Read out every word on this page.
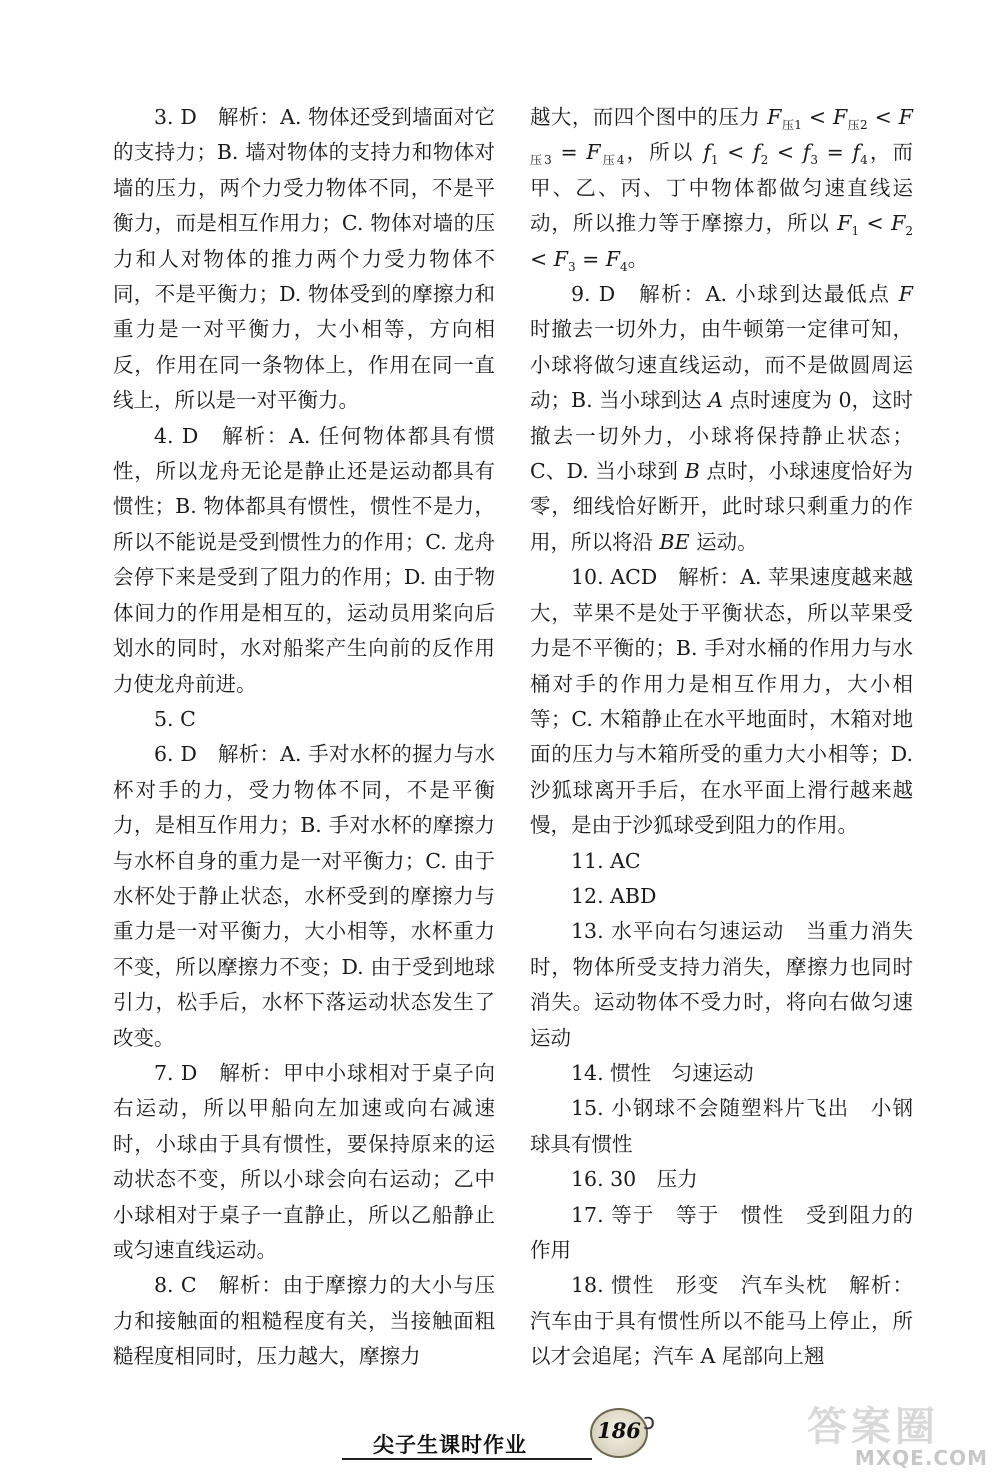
3. D　解析：A. 物体还受到墙面对它的支持力；B. 墙对物体的支持力和物体对墙的压力，两个力受力物体不同，不是平衡力，而是相互作用力；C. 物体对墙的压力和人对物体的推力两个力受力物体不同，不是平衡力；D. 物体受到的摩擦力和重力是一对平衡力，大小相等，方向相反，作用在同一条物体上，作用在同一直线上，所以是一对平衡力。

4. D　解析：A. 任何物体都具有惯性，所以龙舟无论是静止还是运动都具有惯性；B. 物体都具有惯性，惯性不是力，所以不能说是受到惯性力的作用；C. 龙舟会停下来是受到了阻力的作用；D. 由于物体间力的作用是相互的，运动员用桨向后划水的同时，水对船桨产生向前的反作用力使龙舟前进。

5. C

6. D　解析：A. 手对水杯的握力与水杯对手的力，受力物体不同，不是平衡力，是相互作用力；B. 手对水杯的摩擦力与水杯自身的重力是一对平衡力；C. 由于水杯处于静止状态，水杯受到的摩擦力与重力是一对平衡力，大小相等，水杯重力不变，所以摩擦力不变；D. 由于受到地球引力，松手后，水杯下落运动状态发生了改变。

7. D　解析：甲中小球相对于桌子向右运动，所以甲船向左加速或向右减速时，小球由于具有惯性，要保持原来的运动状态不变，所以小球会向右运动；乙中小球相对于桌子一直静止，所以乙船静止或匀速直线运动。

8. C　解析：由于摩擦力的大小与压力和接触面的粗糙程度有关，当接触面粗糙程度相同时，压力越大，摩擦力

越大，而四个图中的压力 $F_{压1} < F_{压2} < F_{压3} = F_{压4}$，所以 $f_1 < f_2 < f_3 = f_4$，而甲、乙、丙、丁中物体都做匀速直线运动，所以推力等于摩擦力，所以 $F_1 < F_2 < F_3 = F_4$。

9. D　解析：A. 小球到达最低点 F 时撤去一切外力，由牛顿第一定律可知，小球将做匀速直线运动，而不是做圆周运动；B. 当小球到达 A 点时速度为 0，这时撤去一切外力，小球将保持静止状态；C、D. 当小球到 B 点时，小球速度恰好为零，细线恰好断开，此时球只剩重力的作用，所以将沿 BE 运动。

10. ACD　解析：A. 苹果速度越来越大，苹果不是处于平衡状态，所以苹果受力是不平衡的；B. 手对水桶的作用力与水桶对手的作用力是相互作用力，大小相等；C. 木箱静止在水平地面时，木箱对地面的压力与木箱所受的重力大小相等；D. 沙狐球离开手后，在水平面上滑行越来越慢，是由于沙狐球受到阻力的作用。

11. AC

12. ABD

13. 水平向右匀速运动　当重力消失时，物体所受支持力消失，摩擦力也同时消失。运动物体不受力时，将向右做匀速运动

14. 惯性　匀速运动

15. 小钢球不会随塑料片飞出　小钢球具有惯性

16. 30　压力

17. 等于　等于　惯性　受到阻力的作用

18. 惯性　形变　汽车头枕　解析：汽车由于具有惯性所以不能马上停止，所以才会追尾；汽车 A 尾部向上翘

尖子生课时作业
186 ↄ	答案圈
MXQE.COM
